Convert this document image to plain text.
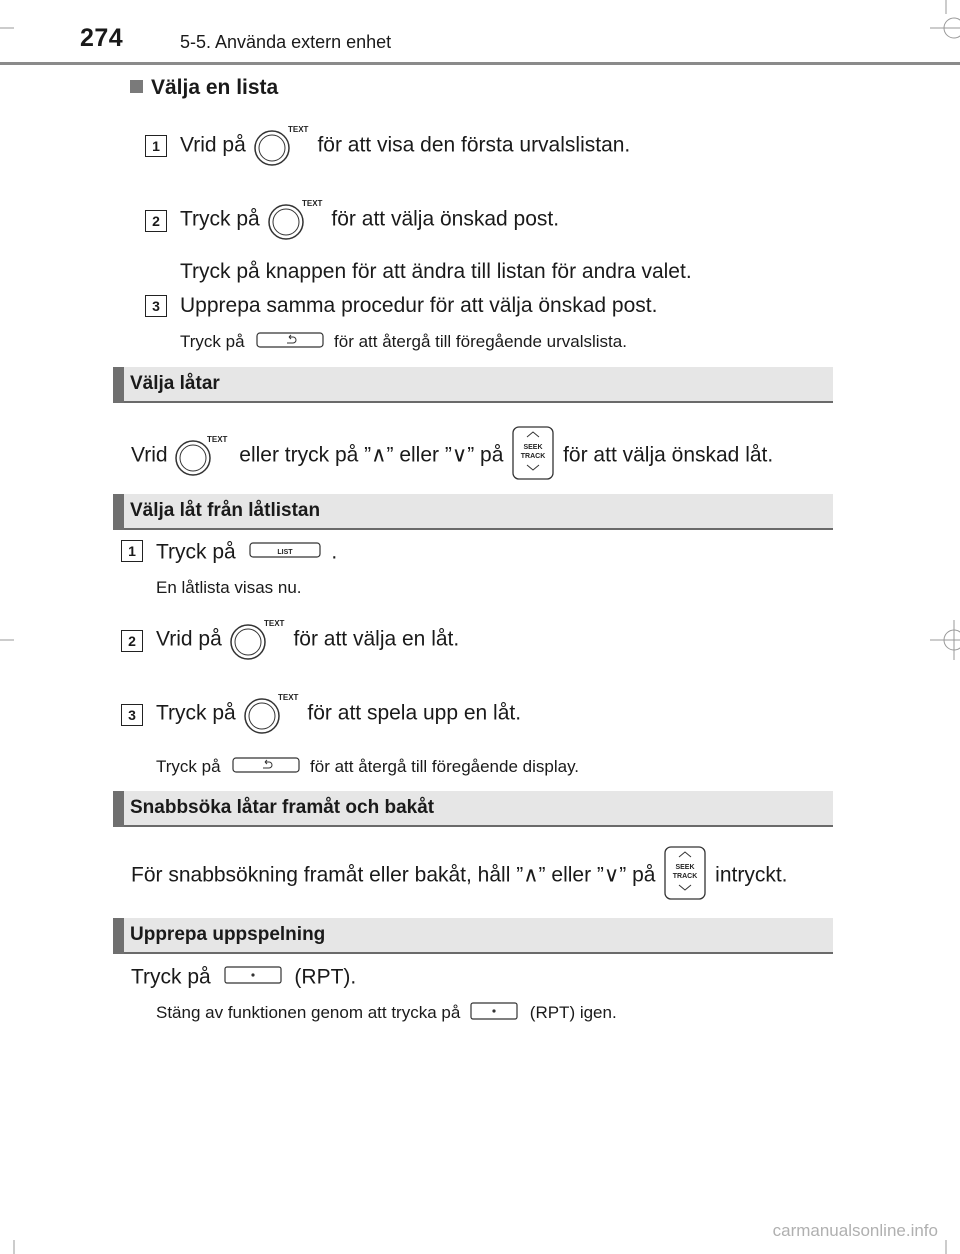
274	5-5. Använda extern enhet
Välja en lista
1 Vrid på
TEXT
för att visa den första urvalslistan.
2 Tryck på
TEXT
för att välja önskad post.
Tryck på knappen för att ändra till listan för andra valet.
3 Upprepa samma procedur för att välja önskad post.
Tryck på	för att återgå till föregående urvalslista.
Välja låtar
Vrid
TEXT
eller tryck på ”∧” eller ”∨” på	SEEK
TRACK för att välja önskad låt.
Välja låt från låtlistan
1 Tryck på	LIST .
En låtlista visas nu.
2 Vrid på
TEXT
för att välja en låt.
3 Tryck på
TEXT
för att spela upp en låt.
Tryck på	för att återgå till föregående display.
Snabbsöka låtar framåt och bakåt
För snabbsökning framåt eller bakåt, håll ”∧” eller ”∨” på	SEEK
TRACK intryckt.
Upprepa uppspelning
Tryck på	(RPT).
Stäng av funktionen genom att trycka på	(RPT) igen.
carmanualsonline.info
